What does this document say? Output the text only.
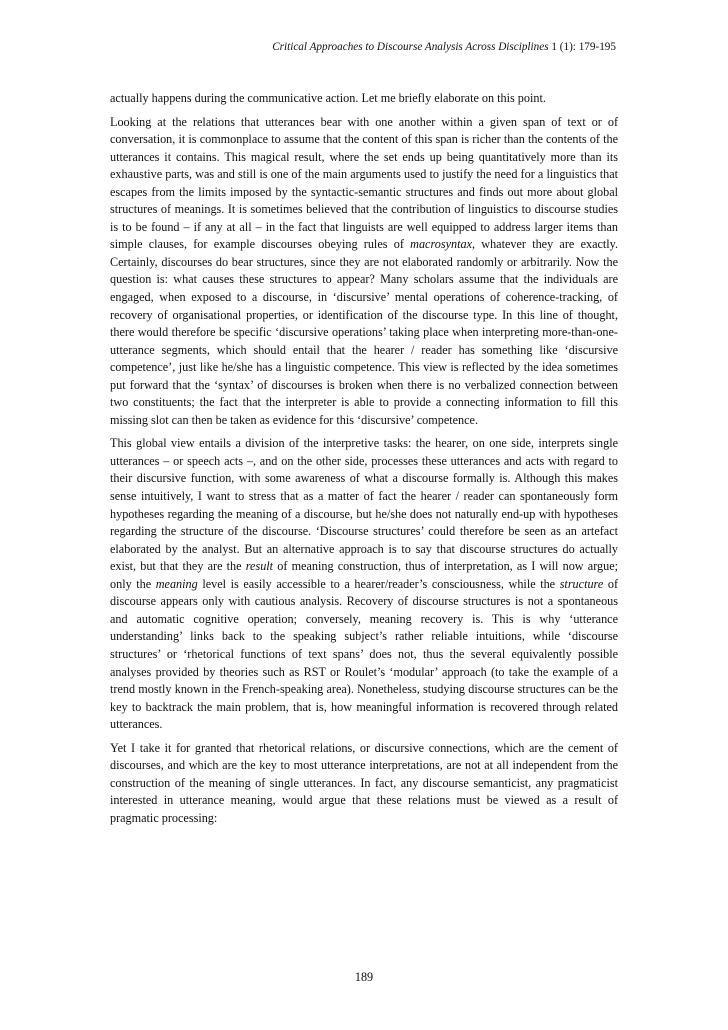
Critical Approaches to Discourse Analysis Across Disciplines 1 (1): 179-195

actually happens during the communicative action. Let me briefly elaborate on this point.

Looking at the relations that utterances bear with one another within a given span of text or of conversation, it is commonplace to assume that the content of this span is richer than the contents of the utterances it contains. This magical result, where the set ends up being quantitatively more than its exhaustive parts, was and still is one of the main arguments used to justify the need for a linguistics that escapes from the limits imposed by the syntactic-semantic structures and finds out more about global structures of meanings. It is sometimes believed that the contribution of linguistics to discourse studies is to be found – if any at all – in the fact that linguists are well equipped to address larger items than simple clauses, for example discourses obeying rules of macrosyntax, whatever they are exactly. Certainly, discourses do bear structures, since they are not elaborated randomly or arbitrarily. Now the question is: what causes these structures to appear? Many scholars assume that the individuals are engaged, when exposed to a discourse, in ‘discursive’ mental operations of coherence-tracking, of recovery of organisational properties, or identification of the discourse type. In this line of thought, there would therefore be specific ‘discursive operations’ taking place when interpreting more-than-one-utterance segments, which should entail that the hearer / reader has something like ‘discursive competence’, just like he/she has a linguistic competence. This view is reflected by the idea sometimes put forward that the ‘syntax’ of discourses is broken when there is no verbalized connection between two constituents; the fact that the interpreter is able to provide a connecting information to fill this missing slot can then be taken as evidence for this ‘discursive’ competence.

This global view entails a division of the interpretive tasks: the hearer, on one side, interprets single utterances – or speech acts –, and on the other side, processes these utterances and acts with regard to their discursive function, with some awareness of what a discourse formally is. Although this makes sense intuitively, I want to stress that as a matter of fact the hearer / reader can spontaneously form hypotheses regarding the meaning of a discourse, but he/she does not naturally end-up with hypotheses regarding the structure of the discourse. ‘Discourse structures’ could therefore be seen as an artefact elaborated by the analyst. But an alternative approach is to say that discourse structures do actually exist, but that they are the result of meaning construction, thus of interpretation, as I will now argue; only the meaning level is easily accessible to a hearer/reader’s consciousness, while the structure of discourse appears only with cautious analysis. Recovery of discourse structures is not a spontaneous and automatic cognitive operation; conversely, meaning recovery is. This is why ‘utterance understanding’ links back to the speaking subject’s rather reliable intuitions, while ‘discourse structures’ or ‘rhetorical functions of text spans’ does not, thus the several equivalently possible analyses provided by theories such as RST or Roulet’s ‘modular’ approach (to take the example of a trend mostly known in the French-speaking area). Nonetheless, studying discourse structures can be the key to backtrack the main problem, that is, how meaningful information is recovered through related utterances.

Yet I take it for granted that rhetorical relations, or discursive connections, which are the cement of discourses, and which are the key to most utterance interpretations, are not at all independent from the construction of the meaning of single utterances. In fact, any discourse semanticist, any pragmaticist interested in utterance meaning, would argue that these relations must be viewed as a result of pragmatic processing:

189
